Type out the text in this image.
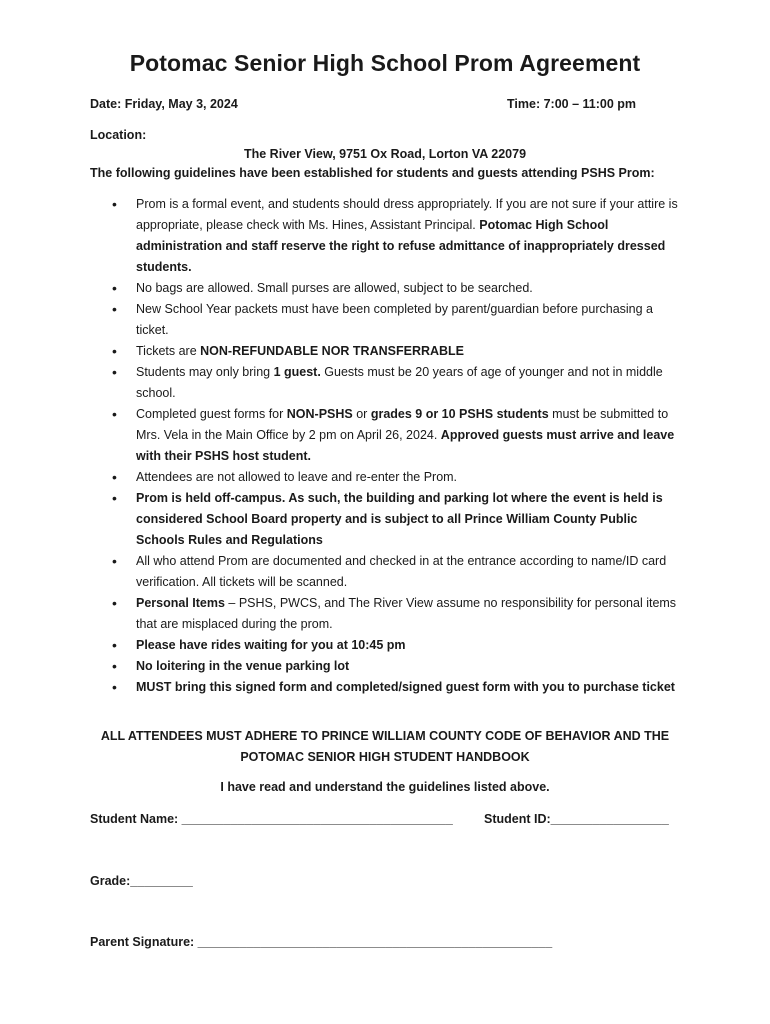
Potomac Senior High School Prom Agreement
Date: Friday, May 3, 2024	Time: 7:00 – 11:00 pm
Location:
The River View, 9751 Ox Road, Lorton VA 22079
The following guidelines have been established for students and guests attending PSHS Prom:
• Prom is a formal event, and students should dress appropriately. If you are not sure if your attire is appropriate, please check with Ms. Hines, Assistant Principal. Potomac High School administration and staff reserve the right to refuse admittance of inappropriately dressed students.
• No bags are allowed. Small purses are allowed, subject to be searched.
• New School Year packets must have been completed by parent/guardian before purchasing a ticket.
• Tickets are NON-REFUNDABLE NOR TRANSFERRABLE
• Students may only bring 1 guest. Guests must be 20 years of age of younger and not in middle school.
• Completed guest forms for NON-PSHS or grades 9 or 10 PSHS students must be submitted to Mrs. Vela in the Main Office by 2 pm on April 26, 2024. Approved guests must arrive and leave with their PSHS host student.
• Attendees are not allowed to leave and re-enter the Prom.
• Prom is held off-campus. As such, the building and parking lot where the event is held is considered School Board property and is subject to all Prince William County Public Schools Rules and Regulations
• All who attend Prom are documented and checked in at the entrance according to name/ID card verification. All tickets will be scanned.
• Personal Items – PSHS, PWCS, and The River View assume no responsibility for personal items that are misplaced during the prom.
• Please have rides waiting for you at 10:45 pm
• No loitering in the venue parking lot
• MUST bring this signed form and completed/signed guest form with you to purchase ticket
ALL ATTENDEES MUST ADHERE TO PRINCE WILLIAM COUNTY CODE OF BEHAVIOR AND THE
POTOMAC SENIOR HIGH STUDENT HANDBOOK
I have read and understand the guidelines listed above.
Student Name: _______________________________________ Student ID:_________________
Grade:_________
Parent Signature: ___________________________________________________
